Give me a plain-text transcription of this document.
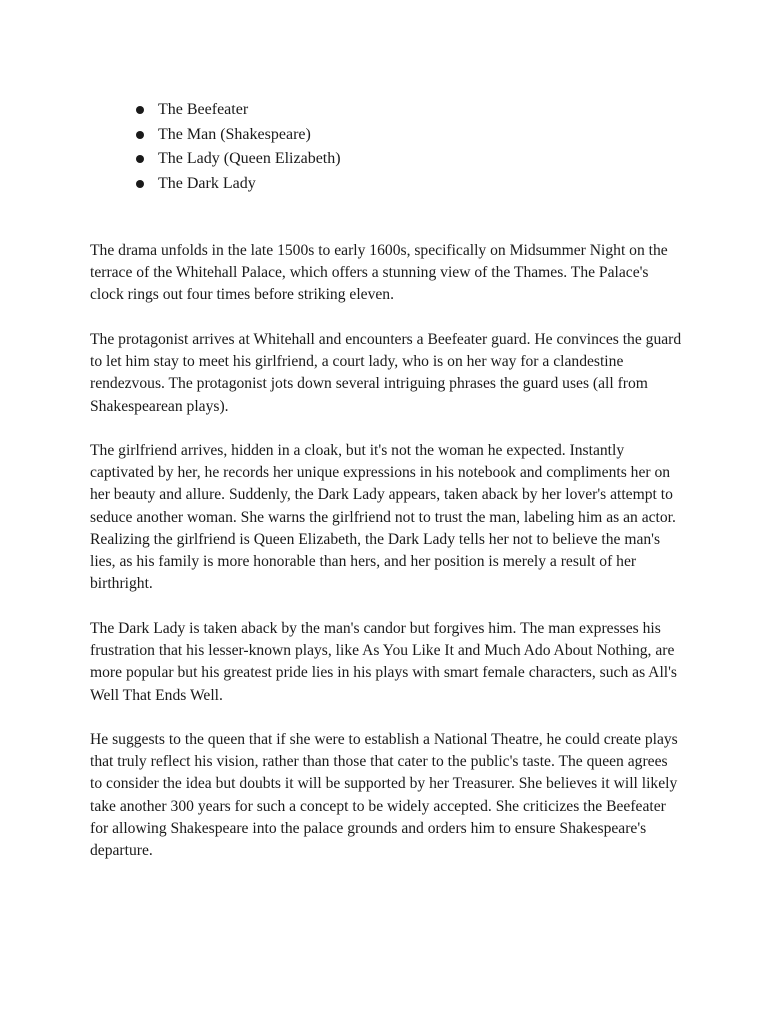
The Beefeater
The Man (Shakespeare)
The Lady (Queen Elizabeth)
The Dark Lady

The drama unfolds in the late 1500s to early 1600s, specifically on Midsummer Night on the terrace of the Whitehall Palace, which offers a stunning view of the Thames. The Palace's clock rings out four times before striking eleven.

The protagonist arrives at Whitehall and encounters a Beefeater guard. He convinces the guard to let him stay to meet his girlfriend, a court lady, who is on her way for a clandestine rendezvous. The protagonist jots down several intriguing phrases the guard uses (all from Shakespearean plays).

The girlfriend arrives, hidden in a cloak, but it's not the woman he expected. Instantly captivated by her, he records her unique expressions in his notebook and compliments her on her beauty and allure. Suddenly, the Dark Lady appears, taken aback by her lover's attempt to seduce another woman. She warns the girlfriend not to trust the man, labeling him as an actor. Realizing the girlfriend is Queen Elizabeth, the Dark Lady tells her not to believe the man's lies, as his family is more honorable than hers, and her position is merely a result of her birthright.

The Dark Lady is taken aback by the man's candor but forgives him. The man expresses his frustration that his lesser-known plays, like As You Like It and Much Ado About Nothing, are more popular but his greatest pride lies in his plays with smart female characters, such as All's Well That Ends Well.

He suggests to the queen that if she were to establish a National Theatre, he could create plays that truly reflect his vision, rather than those that cater to the public's taste. The queen agrees to consider the idea but doubts it will be supported by her Treasurer. She believes it will likely take another 300 years for such a concept to be widely accepted. She criticizes the Beefeater for allowing Shakespeare into the palace grounds and orders him to ensure Shakespeare's departure.
